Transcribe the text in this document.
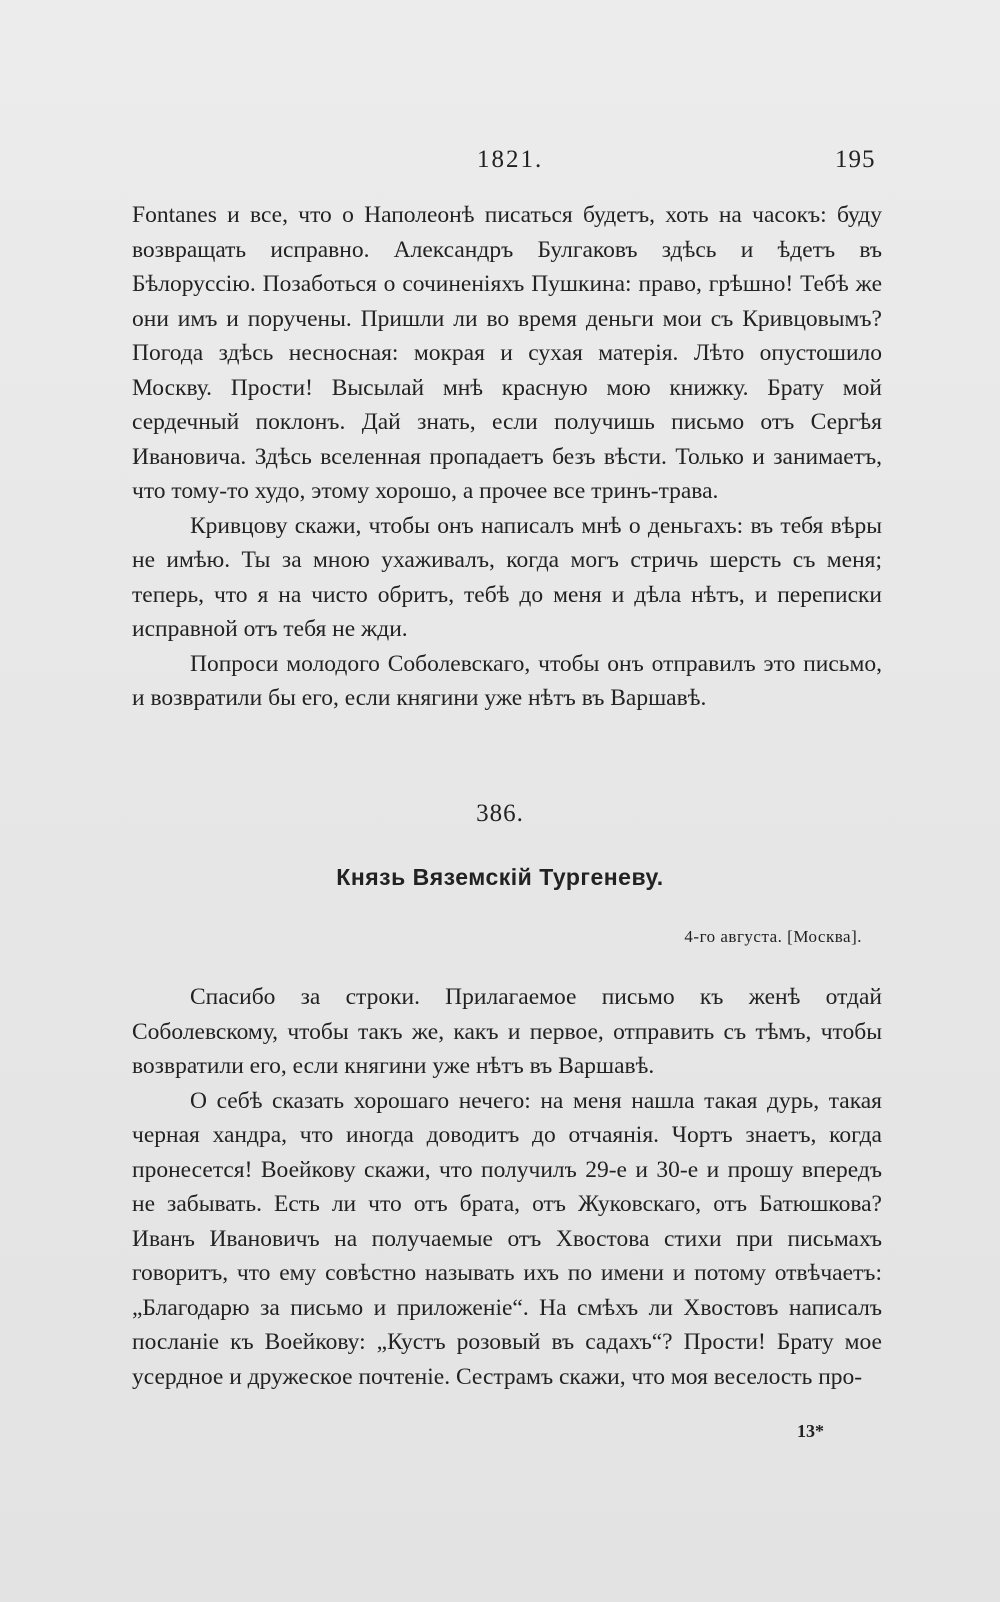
1821.	195

Fontanes и все, что о Наполеонѣ писаться будетъ, хоть на часокъ: буду возвращать исправно. Александръ Булгаковъ здѣсь и ѣдетъ въ Бѣлоруссію. Позаботься о сочиненіяхъ Пушкина: право, грѣшно! Тебѣ же они имъ и поручены. Пришли ли во время деньги мои съ Кривцовымъ? Погода здѣсь несносная: мокрая и сухая матерія. Лѣто опустошило Москву. Прости! Высылай мнѣ красную мою книжку. Брату мой сердечный поклонъ. Дай знать, если получишь письмо отъ Сергѣя Ивановича. Здѣсь вселенная пропадаетъ безъ вѣсти. Только и занимаетъ, что тому-то худо, этому хорошо, а прочее все тринъ-трава.

Кривцову скажи, чтобы онъ написалъ мнѣ о деньгахъ: въ тебя вѣры не имѣю. Ты за мною ухаживалъ, когда могъ стричь шерсть съ меня; теперь, что я на чисто обритъ, тебѣ до меня и дѣла нѣтъ, и переписки исправной отъ тебя не жди.

Попроси молодого Соболевскаго, чтобы онъ отправилъ это письмо, и возвратили бы его, если княгини уже нѣтъ въ Варшавѣ.

386.
Князь Вяземскій Тургеневу.
4-го августа. [Москва].

Спасибо за строки. Прилагаемое письмо къ женѣ отдай Соболевскому, чтобы такъ же, какъ и первое, отправить съ тѣмъ, чтобы возвратили его, если княгини уже нѣтъ въ Варшавѣ.

О себѣ сказать хорошаго нечего: на меня нашла такая дурь, такая черная хандра, что иногда доводитъ до отчаянія. Чортъ знаетъ, когда пронесется! Воейкову скажи, что получилъ 29-е и 30-е и прошу впередъ не забывать. Есть ли что отъ брата, отъ Жуковскаго, отъ Батюшкова? Иванъ Ивановичъ на получаемые отъ Хвостова стихи при письмахъ говоритъ, что ему совѣстно называть ихъ по имени и потому отвѣчаетъ: „Благодарю за письмо и приложеніе“. На смѣхъ ли Хвостовъ написалъ посланіе къ Воейкову: „Кустъ розовый въ садахъ“? Прости! Брату мое усердное и дружеское почтеніе. Сестрамъ скажи, что моя веселость про-

13*
